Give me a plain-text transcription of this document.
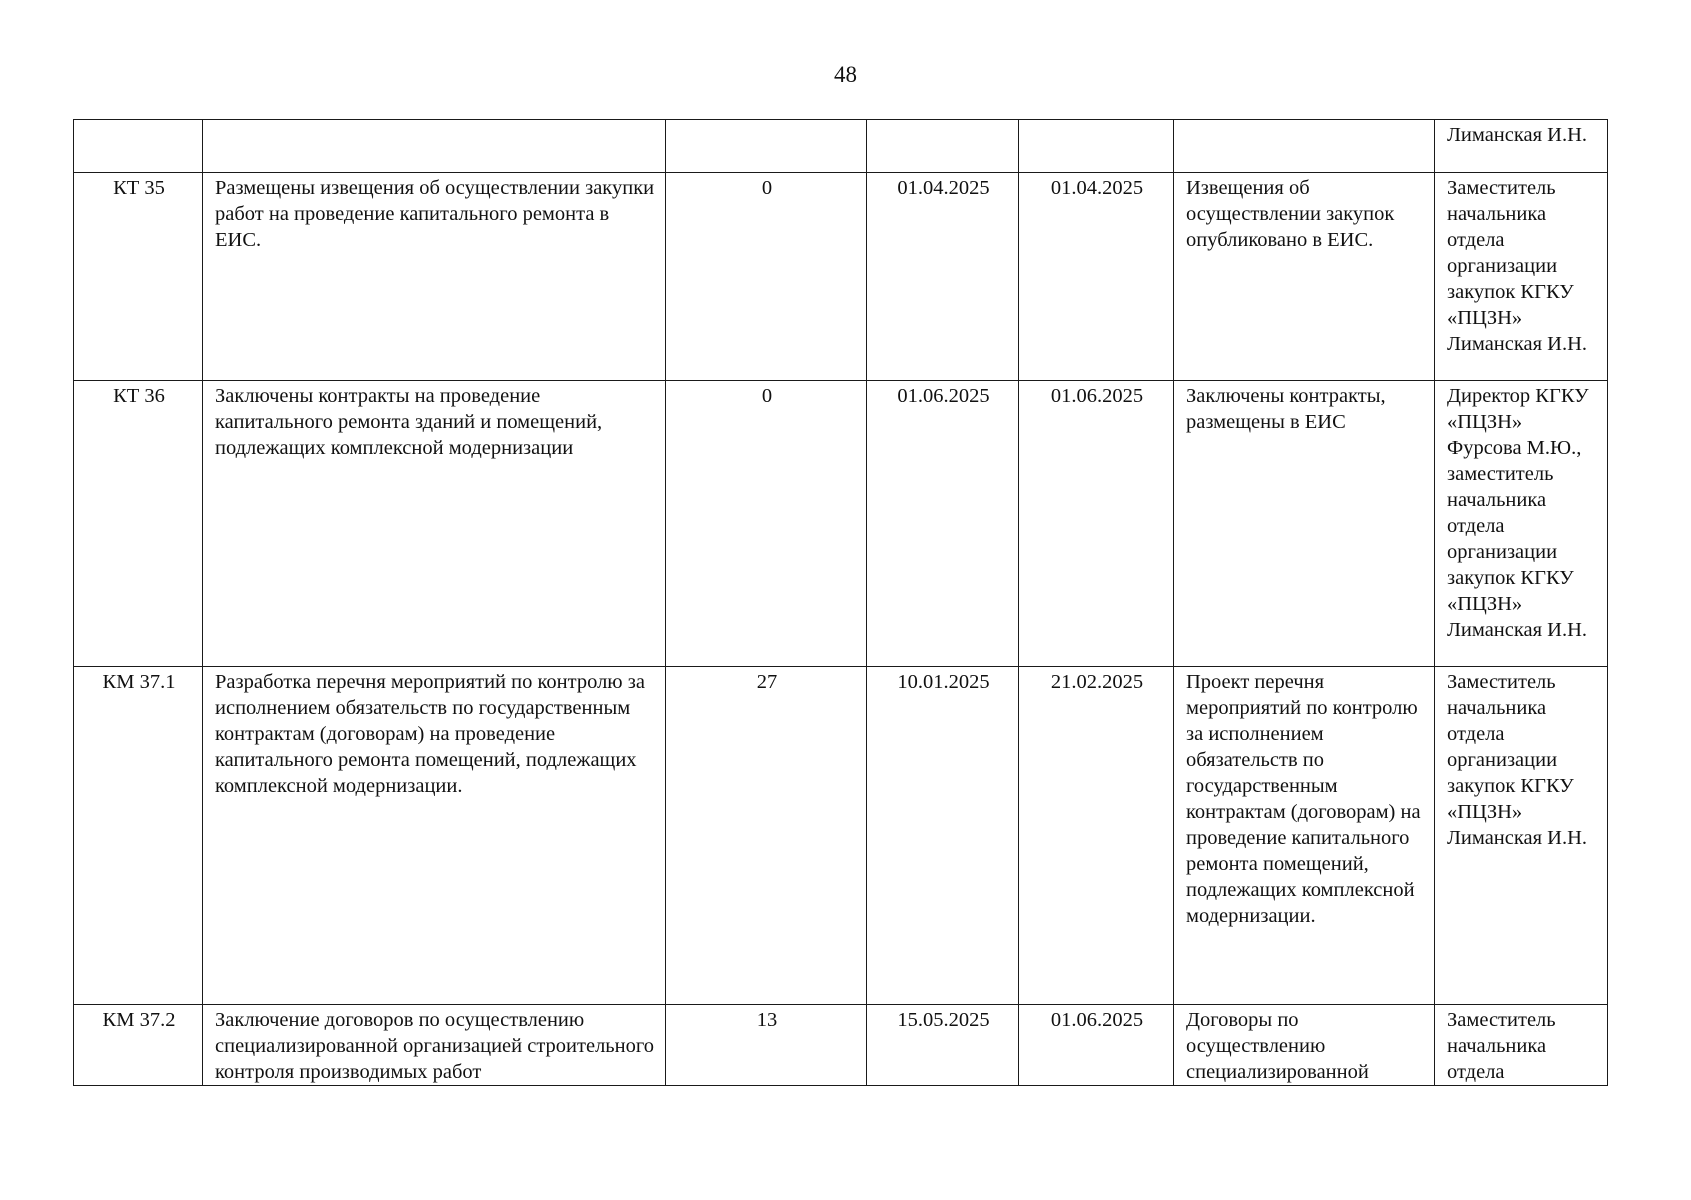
48
						Лиманская И.Н.
КТ 35	Размещены извещения об осуществлении закупки работ на проведение капитального ремонта в ЕИС.	0	01.04.2025	01.04.2025	Извещения об осуществлении закупок опубликовано в ЕИС.	Заместитель начальника отдела организации закупок КГКУ «ПЦЗН» Лиманская И.Н.
КТ 36	Заключены контракты на проведение капитального ремонта зданий и помещений, подлежащих комплексной модернизации	0	01.06.2025	01.06.2025	Заключены контракты, размещены в ЕИС	Директор КГКУ «ПЦЗН» Фурсова М.Ю., заместитель начальника отдела организации закупок КГКУ «ПЦЗН» Лиманская И.Н.
КМ 37.1	Разработка перечня мероприятий по контролю за исполнением обязательств по государственным контрактам (договорам) на проведение капитального ремонта помещений, подлежащих комплексной модернизации.	27	10.01.2025	21.02.2025	Проект перечня мероприятий по контролю за исполнением обязательств по государственным контрактам (договорам) на проведение капитального ремонта помещений, подлежащих комплексной модернизации.	Заместитель начальника отдела организации закупок КГКУ «ПЦЗН» Лиманская И.Н.
КМ 37.2	Заключение договоров по осуществлению специализированной организацией строительного контроля производимых работ	13	15.05.2025	01.06.2025	Договоры по осуществлению специализированной	Заместитель начальника отдела
